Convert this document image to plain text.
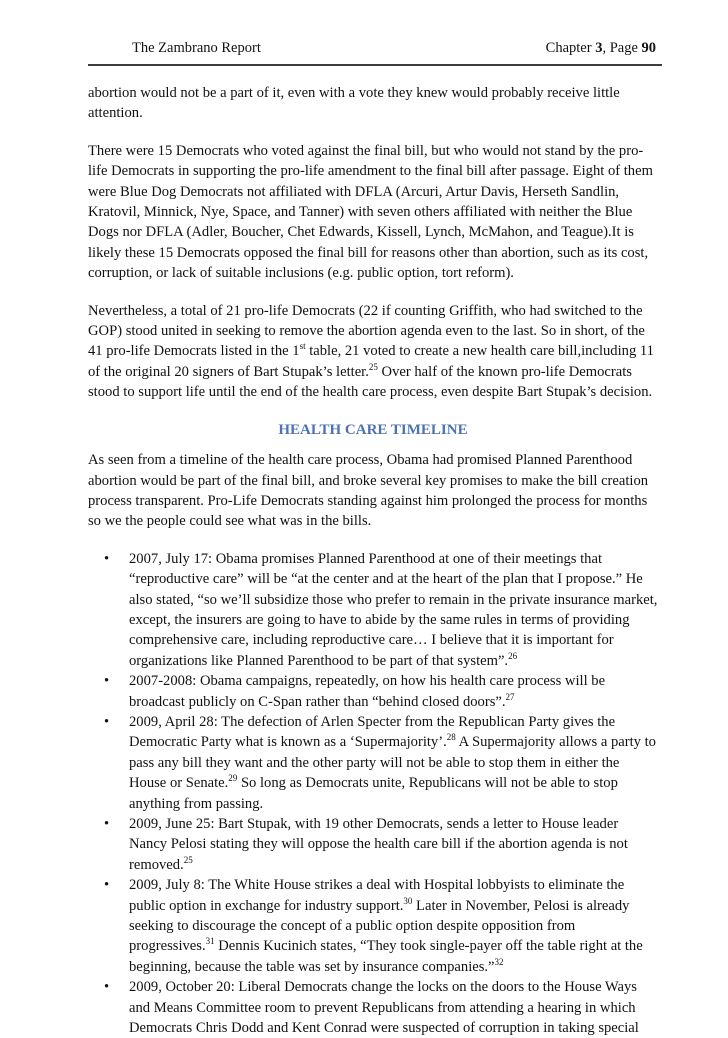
The Zambrano Report	Chapter 3, Page 90

abortion would not be a part of it, even with a vote they knew would probably receive little attention.

There were 15 Democrats who voted against the final bill, but who would not stand by the pro-life Democrats in supporting the pro-life amendment to the final bill after passage. Eight of them were Blue Dog Democrats not affiliated with DFLA (Arcuri, Artur Davis, Herseth Sandlin, Kratovil, Minnick, Nye, Space, and Tanner) with seven others affiliated with neither the Blue Dogs nor DFLA (Adler, Boucher, Chet Edwards, Kissell, Lynch, McMahon, and Teague).It is likely these 15 Democrats opposed the final bill for reasons other than abortion, such as its cost, corruption, or lack of suitable inclusions (e.g. public option, tort reform).

Nevertheless, a total of 21 pro-life Democrats (22 if counting Griffith, who had switched to the GOP) stood united in seeking to remove the abortion agenda even to the last. So in short, of the 41 pro-life Democrats listed in the 1st table, 21 voted to create a new health care bill,including 11 of the original 20 signers of Bart Stupak’s letter.$^{25}$ Over half of the known pro-life Democrats stood to support life until the end of the health care process, even despite Bart Stupak’s decision.

HEALTH CARE TIMELINE

As seen from a timeline of the health care process, Obama had promised Planned Parenthood abortion would be part of the final bill, and broke several key promises to make the bill creation process transparent. Pro-Life Democrats standing against him prolonged the process for months so we the people could see what was in the bills.

• 2007, July 17: Obama promises Planned Parenthood at one of their meetings that “reproductive care” will be “at the center and at the heart of the plan that I propose.” He also stated, “so we’ll subsidize those who prefer to remain in the private insurance market, except, the insurers are going to have to abide by the same rules in terms of providing comprehensive care, including reproductive care… I believe that it is important for organizations like Planned Parenthood to be part of that system”.$^{26}$
• 2007-2008: Obama campaigns, repeatedly, on how his health care process will be broadcast publicly on C-Span rather than “behind closed doors”.$^{27}$
• 2009, April 28: The defection of Arlen Specter from the Republican Party gives the Democratic Party what is known as a ‘Supermajority’.$^{28}$ A Supermajority allows a party to pass any bill they want and the other party will not be able to stop them in either the House or Senate.$^{29}$ So long as Democrats unite, Republicans will not be able to stop anything from passing.
• 2009, June 25: Bart Stupak, with 19 other Democrats, sends a letter to House leader Nancy Pelosi stating they will oppose the health care bill if the abortion agenda is not removed.$^{25}$
• 2009, July 8: The White House strikes a deal with Hospital lobbyists to eliminate the public option in exchange for industry support.$^{30}$ Later in November, Pelosi is already seeking to discourage the concept of a public option despite opposition from progressives.$^{31}$ Dennis Kucinich states, “They took single-payer off the table right at the beginning, because the table was set by insurance companies.”$^{32}$
• 2009, October 20: Liberal Democrats change the locks on the doors to the House Ways and Means Committee room to prevent Republicans from attending a hearing in which Democrats Chris Dodd and Kent Conrad were suspected of corruption in taking special
